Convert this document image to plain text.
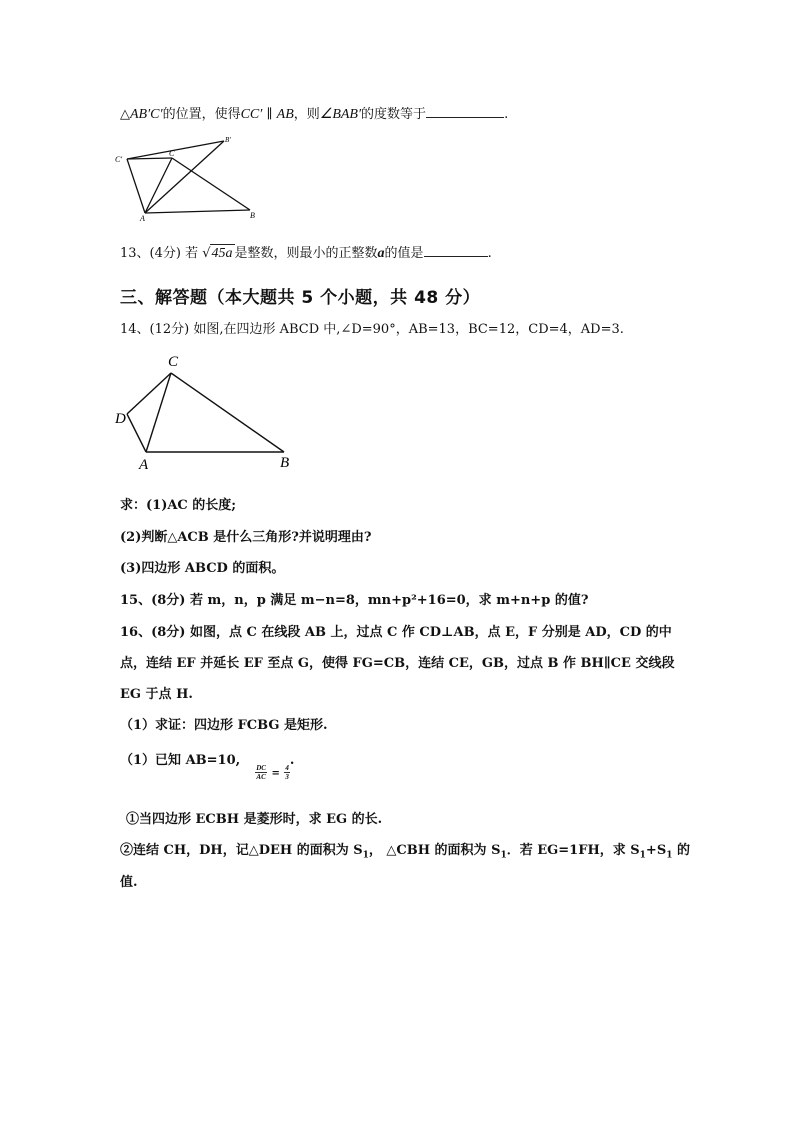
△AB′C′的位置，使得CC′ ∥ AB，则∠BAB′的度数等于	.
C′
C
B′
A	B
13、(4分) 若 √45a 是整数，则最小的正整数a的值是	.
三、解答题（本大题共 5 个小题，共 48 分）
14、(12分) 如图,在四边形 ABCD 中,∠D=90°，AB=13，BC=12，CD=4，AD=3.
C
D
A	B
求：(1)AC 的长度;
(2)判断△ACB 是什么三角形?并说明理由?
(3)四边形 ABCD 的面积。
15、(8分) 若 m，n，p 满足 m−n=8，mn+p²+16=0，求 m+n+p 的值?
16、(8分) 如图，点 C 在线段 AB 上，过点 C 作 CD⊥AB，点 E，F 分别是 AD，CD 的中
点，连结 EF 并延长 EF 至点 G，使得 FG=CB，连结 CE，GB，过点 B 作 BH∥CE 交线段
EG 于点 H.
（1）求证：四边形 FCBG 是矩形.
（1）已知 AB=10,
$\frac{DC}{AC} _= \frac{4}{3}$
.
①当四边形 ECBH 是菱形时，求 EG 的长.
②连结 CH，DH，记△DEH 的面积为 $S_1$， △CBH 的面积为 $S_1$．若 EG=1FH，求 $S_1+S_1$ 的
值.
